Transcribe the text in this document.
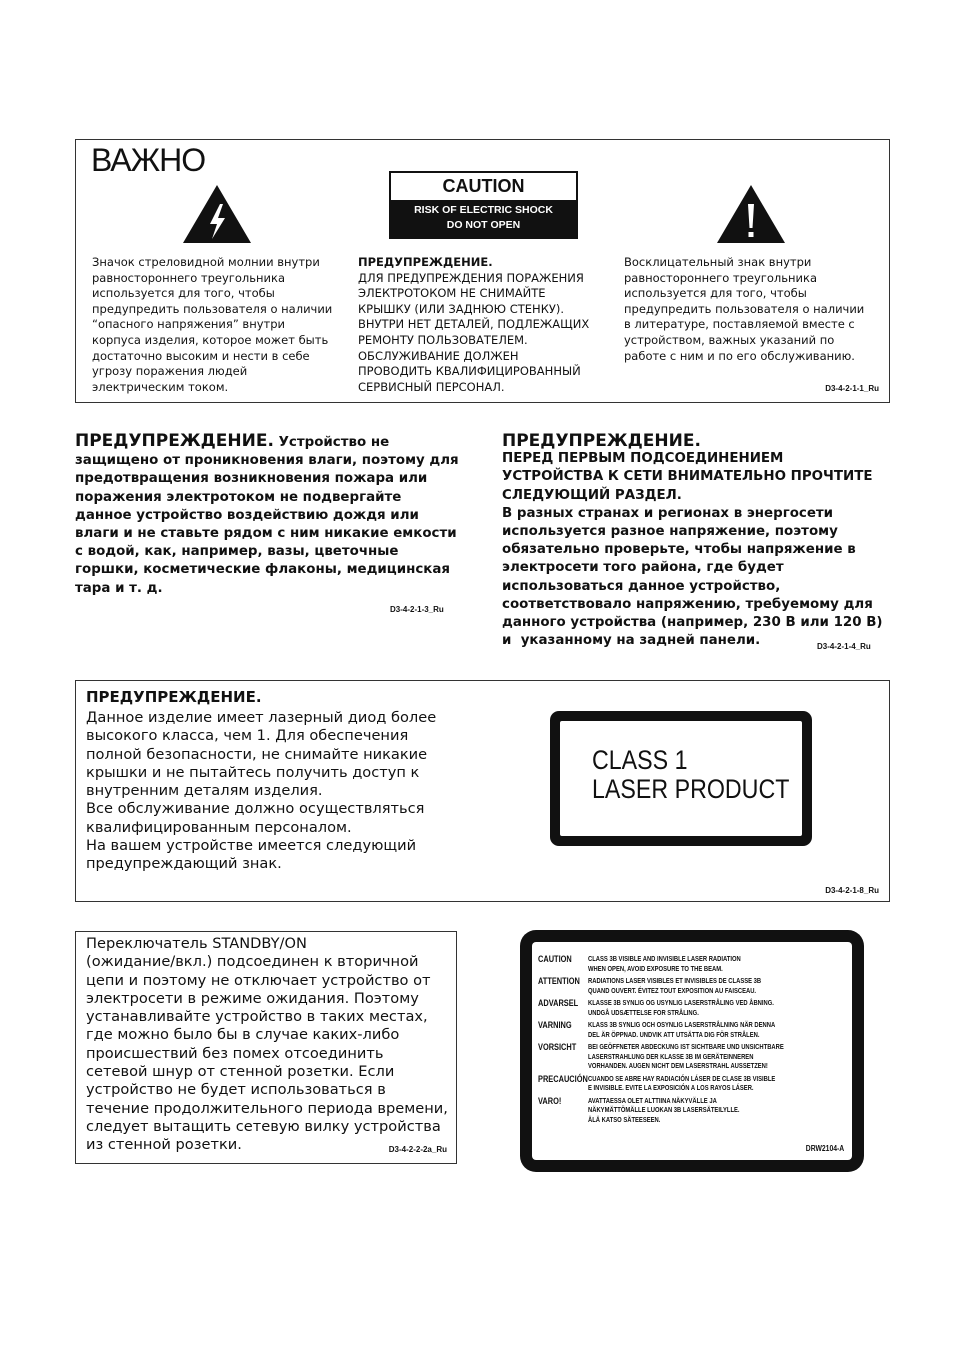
ВАЖНО
CAUTION
RISK OF ELECTRIC SHOCK
DO NOT OPEN
Значок стреловидной молнии внутри
равностороннего треугольника
используется для того, чтобы
предупредить пользователя о наличии
“опасного напряжения” внутри
корпуса изделия, которое может быть
достаточно высоким и нести в себе
угрозу поражения людей
электрическим током.
ПРЕДУПРЕЖДЕНИЕ.
ДЛЯ ПРЕДУПРЕЖДЕНИЯ ПОРАЖЕНИЯ
ЭЛЕКТРОТОКОМ НЕ СНИМАЙТЕ
КРЫШКУ (ИЛИ ЗАДНЮЮ СТЕНКУ).
ВНУТРИ НЕТ ДЕТАЛЕЙ, ПОДЛЕЖАЩИХ
РЕМОНТУ ПОЛЬЗОВАТЕЛЕМ.
ОБСЛУЖИВАНИЕ ДОЛЖЕН
ПРОВОДИТЬ КВАЛИФИЦИРОВАННЫЙ
СЕРВИСНЫЙ ПЕРСОНАЛ.
Восклицательный знак внутри
равностороннего треугольника
используется для того, чтобы
предупредить пользователя о наличии
в литературе, поставляемой вместе с
устройством, важных указаний по
работе с ним и по его обслуживанию.
D3-4-2-1-1_Ru
ПРЕДУПРЕЖДЕНИЕ. Устройство не
защищено от проникновения влаги, поэтому для
предотвращения возникновения пожара или
поражения электротоком не подвергайте
данное устройство воздействию дождя или
влаги и не ставьте рядом с ним никакие емкости
с водой, как, например, вазы, цветочные
горшки, косметические флаконы, медицинская
тара и т. д.
D3-4-2-1-3_Ru
ПРЕДУПРЕЖДЕНИЕ.
ПЕРЕД ПЕРВЫМ ПОДСОЕДИНЕНИЕМ
УСТРОЙСТВА К СЕТИ ВНИМАТЕЛЬНО ПРОЧТИТЕ
СЛЕДУЮЩИЙ РАЗДЕЛ.
В разных странах и регионах в энергосети
используется разное напряжение, поэтому
обязательно проверьте, чтобы напряжение в
электросети того района, где будет
использоваться данное устройство,
соответствовало напряжению, требуемому для
данного устройства (например, 230 В или 120 В)
и  указанному на задней панели.	D3-4-2-1-4_Ru
ПРЕДУПРЕЖДЕНИЕ.
Данное изделие имеет лазерный диод более
высокого класса, чем 1. Для обеспечения
полной безопасности, не снимайте никакие
крышки и не пытайтесь получить доступ к
внутренним деталям изделия.
Все обслуживание должно осуществляться
квалифицированным персоналом.
На вашем устройстве имеется следующий
предупреждающий знак.
CLASS 1
LASER PRODUCT
D3-4-2-1-8_Ru
Переключатель STANDBY/ON
(ожидание/вкл.) подсоединен к вторичной
цепи и поэтому не отключает устройство от
электросети в режиме ожидания. Поэтому
устанавливайте устройство в таких местах,
где можно было бы в случае каких-либо
происшествий без помех отсоединить
сетевой шнур от стенной розетки. Если
устройство не будет использоваться в
течение продолжительного периода времени,
следует вытащить сетевую вилку устройства
из стенной розетки.	D3-4-2-2-2a_Ru
CAUTION	CLASS 3B VISIBLE AND INVISIBLE LASER RADIATION
WHEN OPEN, AVOID EXPOSURE TO THE BEAM.
ATTENTION RADIATIONS LASER VISIBLES ET INVISIBLES DE CLASSE 3B
QUAND OUVERT. ÉVITEZ TOUT EXPOSITION AU FAISCEAU.
ADVARSEL KLASSE 3B SYNLIG OG USYNLIG LASERSTRÅLING VED ÅBNING.
UNDGÅ UDSÆTTELSE FOR STRÅLING.
VARNING	KLASS 3B SYNLIG OCH OSYNLIG LASERSTRÅLNING NÄR DENNA
DEL ÄR ÖPPNAD. UNDVIK ATT UTSÄTTA DIG FÖR STRÅLEN.
VORSICHT BEI GEÖFFNETER ABDECKUNG IST SICHTBARE UND UNSICHTBARE
LASERSTRAHLUNG DER KLASSE 3B IM GERÄTEINNEREN
VORHANDEN. AUGEN NICHT DEM LASERSTRAHL AUSSETZEN!
PRECAUCIÓN CUANDO SE ABRE HAY RADIACIÓN LÁSER DE CLASE 3B VISIBLE
E INVISIBLE. EVITE LA EXPOSICIÓN A LOS RAYOS LÁSER.
VARO!	AVATTAESSA OLET ALTTIINA NÄKYVÄLLE JA
NÄKYMÄTTÖMÄLLE LUOKAN 3B LASERSÄTEILYLLE.
ÄLÄ KATSO SÄTEESEEN.
DRW2104-A
